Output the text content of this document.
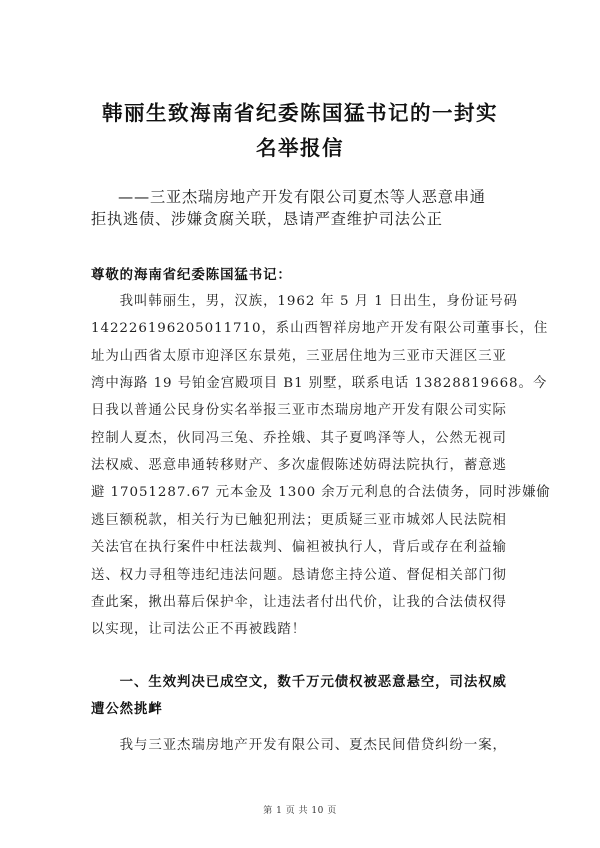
韩丽生致海南省纪委陈国猛书记的一封实
名举报信
——三亚杰瑞房地产开发有限公司夏杰等人恶意串通
拒执逃债、涉嫌贪腐关联，恳请严查维护司法公正
尊敬的海南省纪委陈国猛书记：
　　我叫韩丽生，男，汉族，1962 年 5 月 1 日出生，身份证号码
142226196205011710，系山西智祥房地产开发有限公司董事长，住
址为山西省太原市迎泽区东景苑，三亚居住地为三亚市天涯区三亚
湾中海路 19 号铂金宫殿项目 B1 别墅，联系电话 13828819668。今
日我以普通公民身份实名举报三亚市杰瑞房地产开发有限公司实际
控制人夏杰，伙同冯三兔、乔拴娥、其子夏鸣泽等人，公然无视司
法权威、恶意串通转移财产、多次虚假陈述妨碍法院执行，蓄意逃
避 17051287.67 元本金及 1300 余万元利息的合法债务，同时涉嫌偷
逃巨额税款，相关行为已触犯刑法；更质疑三亚市城郊人民法院相
关法官在执行案件中枉法裁判、偏袒被执行人，背后或存在利益输
送、权力寻租等违纪违法问题。恳请您主持公道、督促相关部门彻
查此案，揪出幕后保护伞，让违法者付出代价，让我的合法债权得
以实现，让司法公正不再被践踏！
　　一、生效判决已成空文，数千万元债权被恶意悬空，司法权威
遭公然挑衅
　　我与三亚杰瑞房地产开发有限公司、夏杰民间借贷纠纷一案，
第 1 页 共 10 页
